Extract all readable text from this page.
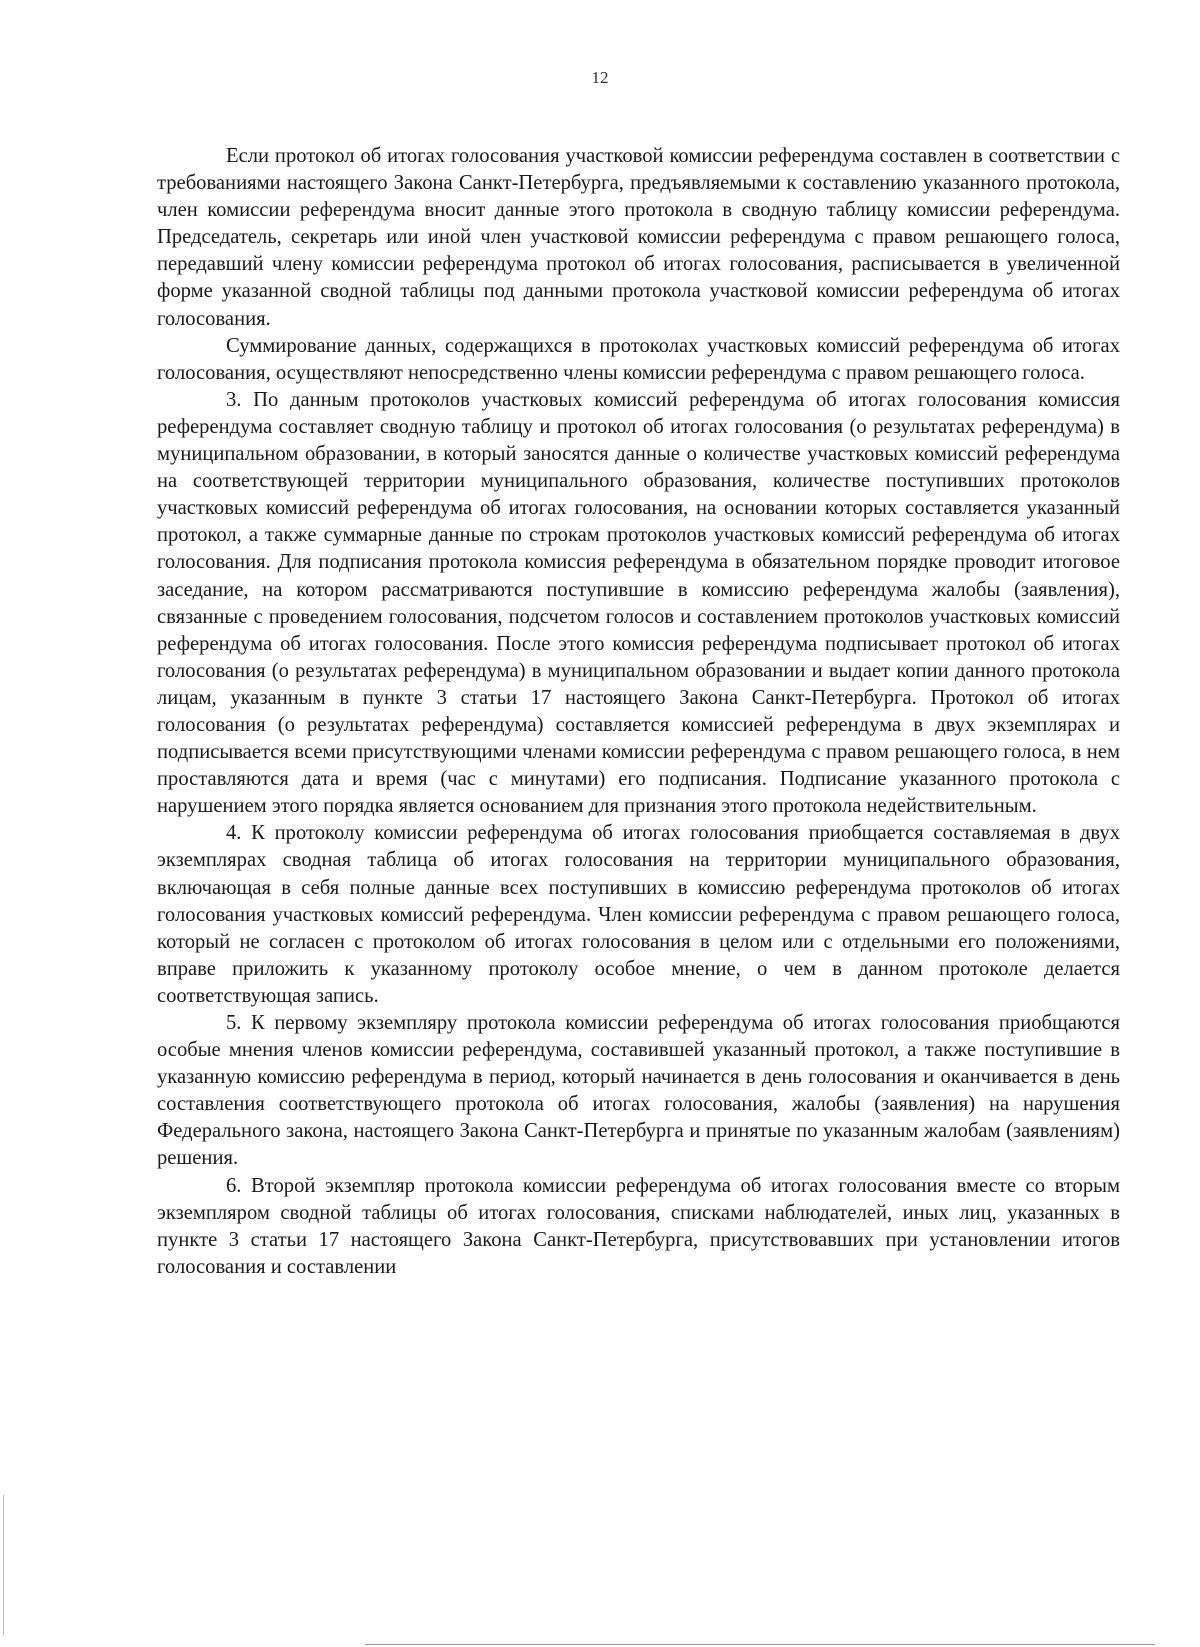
12

Если протокол об итогах голосования участковой комиссии референдума составлен в соответствии с требованиями настоящего Закона Санкт-Петербурга, предъявляемыми к составлению указанного протокола, член комиссии референдума вносит данные этого протокола в сводную таблицу комиссии референдума. Председатель, секретарь или иной член участковой комиссии референдума с правом решающего голоса, передавший члену комиссии референдума протокол об итогах голосования, расписывается в увеличенной форме указанной сводной таблицы под данными протокола участковой комиссии референдума об итогах голосования.

Суммирование данных, содержащихся в протоколах участковых комиссий референдума об итогах голосования, осуществляют непосредственно члены комиссии референдума с правом решающего голоса.

3. По данным протоколов участковых комиссий референдума об итогах голосования комиссия референдума составляет сводную таблицу и протокол об итогах голосования (о результатах референдума) в муниципальном образовании, в который заносятся данные о количестве участковых комиссий референдума на соответствующей территории муниципального образования, количестве поступивших протоколов участковых комиссий референдума об итогах голосования, на основании которых составляется указанный протокол, а также суммарные данные по строкам протоколов участковых комиссий референдума об итогах голосования. Для подписания протокола комиссия референдума в обязательном порядке проводит итоговое заседание, на котором рассматриваются поступившие в комиссию референдума жалобы (заявления), связанные с проведением голосования, подсчетом голосов и составлением протоколов участковых комиссий референдума об итогах голосования. После этого комиссия референдума подписывает протокол об итогах голосования (о результатах референдума) в муниципальном образовании и выдает копии данного протокола лицам, указанным в пункте 3 статьи 17 настоящего Закона Санкт-Петербурга. Протокол об итогах голосования (о результатах референдума) составляется комиссией референдума в двух экземплярах и подписывается всеми присутствующими членами комиссии референдума с правом решающего голоса, в нем проставляются дата и время (час с минутами) его подписания. Подписание указанного протокола с нарушением этого порядка является основанием для признания этого протокола недействительным.

4. К протоколу комиссии референдума об итогах голосования приобщается составляемая в двух экземплярах сводная таблица об итогах голосования на территории муниципального образования, включающая в себя полные данные всех поступивших в комиссию референдума протоколов об итогах голосования участковых комиссий референдума. Член комиссии референдума с правом решающего голоса, который не согласен с протоколом об итогах голосования в целом или с отдельными его положениями, вправе приложить к указанному протоколу особое мнение, о чем в данном протоколе делается соответствующая запись.

5. К первому экземпляру протокола комиссии референдума об итогах голосования приобщаются особые мнения членов комиссии референдума, составившей указанный протокол, а также поступившие в указанную комиссию референдума в период, который начинается в день голосования и оканчивается в день составления соответствующего протокола об итогах голосования, жалобы (заявления) на нарушения Федерального закона, настоящего Закона Санкт-Петербурга и принятые по указанным жалобам (заявлениям) решения.

6. Второй экземпляр протокола комиссии референдума об итогах голосования вместе со вторым экземпляром сводной таблицы об итогах голосования, списками наблюдателей, иных лиц, указанных в пункте 3 статьи 17 настоящего Закона Санкт-Петербурга, присутствовавших при установлении итогов голосования и составлении
